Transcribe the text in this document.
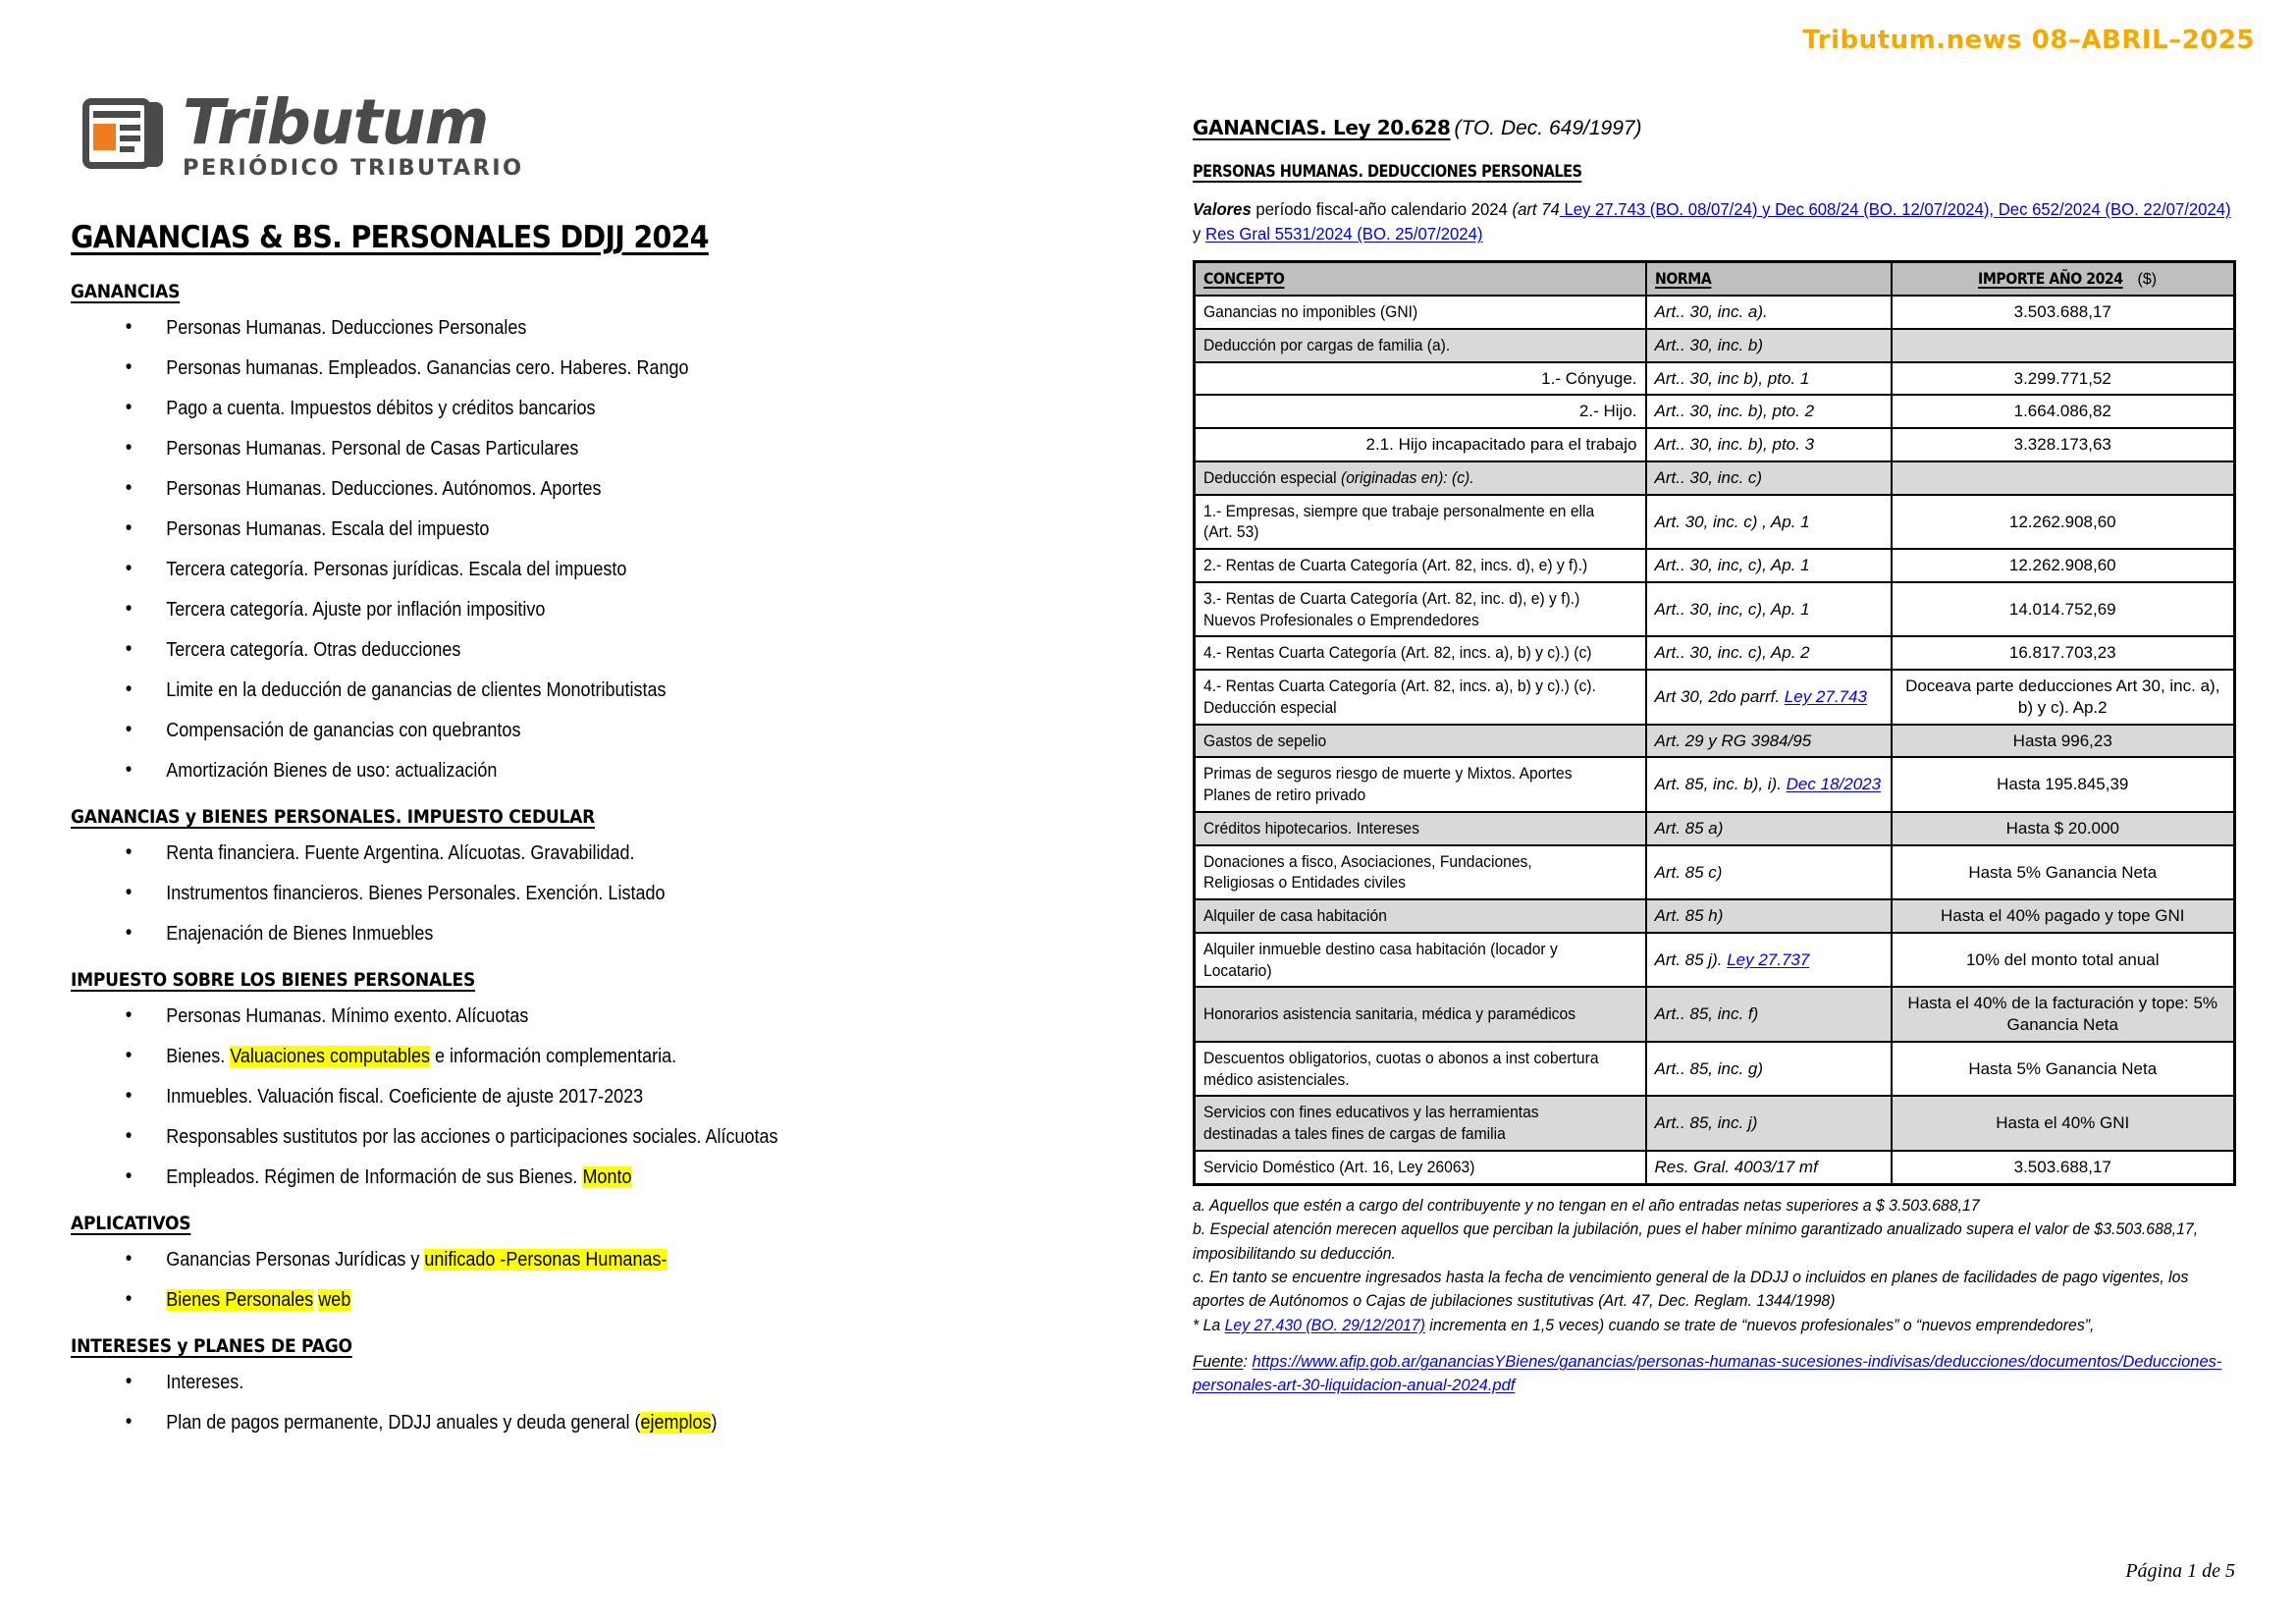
Tributum.news 08–ABRIL–2025
Tributum
PERIÓDICO TRIBUTARIO
GANANCIAS & BS. PERSONALES DDJJ 2024
GANANCIAS
• Personas Humanas. Deducciones Personales
• Personas humanas. Empleados. Ganancias cero. Haberes. Rango
• Pago a cuenta. Impuestos débitos y créditos bancarios
• Personas Humanas. Personal de Casas Particulares
• Personas Humanas. Deducciones. Autónomos. Aportes
• Personas Humanas. Escala del impuesto
• Tercera categoría. Personas jurídicas. Escala del impuesto
• Tercera categoría. Ajuste por inflación impositivo
• Tercera categoría. Otras deducciones
• Limite en la deducción de ganancias de clientes Monotributistas
• Compensación de ganancias con quebrantos
• Amortización Bienes de uso: actualización
GANANCIAS y BIENES PERSONALES. IMPUESTO CEDULAR
• Renta financiera. Fuente Argentina. Alícuotas. Gravabilidad.
• Instrumentos financieros. Bienes Personales. Exención. Listado
• Enajenación de Bienes Inmuebles
IMPUESTO SOBRE LOS BIENES PERSONALES
• Personas Humanas. Mínimo exento. Alícuotas
• Bienes. Valuaciones computables e información complementaria.
• Inmuebles. Valuación fiscal. Coeficiente de ajuste 2017-2023
• Responsables sustitutos por las acciones o participaciones sociales. Alícuotas
• Empleados. Régimen de Información de sus Bienes. Monto
APLICATIVOS
• Ganancias Personas Jurídicas y unificado -Personas Humanas-
• Bienes Personales web
INTERESES y PLANES DE PAGO
• Intereses.
• Plan de pagos permanente, DDJJ anuales y deuda general (ejemplos)
GANANCIAS. Ley 20.628 (TO. Dec. 649/1997)
PERSONAS HUMANAS. DEDUCCIONES PERSONALES
Valores período fiscal-año calendario 2024 (art 74 Ley 27.743 (BO. 08/07/24) y Dec 608/24 (BO. 12/07/2024), Dec 652/2024 (BO. 22/07/2024) y Res Gral 5531/2024 (BO. 25/07/2024)
CONCEPTO	NORMA	IMPORTE AÑO 2024 ($)

Ganancias no imponibles (GNI)	Art.. 30, inc. a).	3.503.688,17

Deducción por cargas de familia (a).	Art.. 30, inc. b)	

1.- Cónyuge.	Art.. 30, inc b), pto. 1	3.299.771,52

2.- Hijo.	Art.. 30, inc. b), pto. 2	1.664.086,82

2.1. Hijo incapacitado para el trabajo	Art.. 30, inc. b), pto. 3	3.328.173,63

Deducción especial (originadas en): (c).	Art.. 30, inc. c)	

1.- Empresas, siempre que trabaje personalmente en ella (Art. 53)	Art. 30, inc. c) , Ap. 1	12.262.908,60

2.- Rentas de Cuarta Categoría (Art. 82, incs. d), e) y f).)	Art.. 30, inc, c), Ap. 1	12.262.908,60

3.- Rentas de Cuarta Categoría (Art. 82, inc. d), e) y f).) Nuevos Profesionales o Emprendedores	Art.. 30, inc, c), Ap. 1	14.014.752,69

4.- Rentas Cuarta Categoría (Art. 82, incs. a), b) y c).) (c)	Art.. 30, inc. c), Ap. 2	16.817.703,23

4.- Rentas Cuarta Categoría (Art. 82, incs. a), b) y c).) (c). Deducción especial	Art 30, 2do parrf. Ley 27.743	Doceava parte deducciones Art 30, inc. a), b) y c). Ap.2

Gastos de sepelio	Art. 29 y RG 3984/95	Hasta 996,23

Primas de seguros riesgo de muerte y Mixtos. Aportes Planes de retiro privado	Art. 85, inc. b), i). Dec 18/2023	Hasta 195.845,39

Créditos hipotecarios. Intereses	Art. 85 a)	Hasta $ 20.000

Donaciones a fisco, Asociaciones, Fundaciones, Religiosas o Entidades civiles	Art. 85 c)	Hasta 5% Ganancia Neta

Alquiler de casa habitación	Art. 85 h)	Hasta el 40% pagado y tope GNI

Alquiler inmueble destino casa habitación (locador y Locatario)	Art. 85 j). Ley 27.737	10% del monto total anual

Honorarios asistencia sanitaria, médica y paramédicos	Art.. 85, inc. f)	Hasta el 40% de la facturación y tope: 5% Ganancia Neta

Descuentos obligatorios, cuotas o abonos a inst cobertura médico asistenciales.	Art.. 85, inc. g)	Hasta 5% Ganancia Neta

Servicios con fines educativos y las herramientas destinadas a tales fines de cargas de familia	Art.. 85, inc. j)	Hasta el 40% GNI

Servicio Doméstico (Art. 16, Ley 26063)	Res. Gral. 4003/17 mf	3.503.688,17

a. Aquellos que estén a cargo del contribuyente y no tengan en el año entradas netas superiores a $ 3.503.688,17

b. Especial atención merecen aquellos que perciban la jubilación, pues el haber mínimo garantizado anualizado supera el valor de $3.503.688,17, imposibilitando su deducción.

c. En tanto se encuentre ingresados hasta la fecha de vencimiento general de la DDJJ o incluidos en planes de facilidades de pago vigentes, los aportes de Autónomos o Cajas de jubilaciones sustitutivas (Art. 47, Dec. Reglam. 1344/1998)

* La Ley 27.430 (BO. 29/12/2017) incrementa en 1,5 veces) cuando se trate de “nuevos profesionales” o “nuevos emprendedores”,

Fuente: https://www.afip.gob.ar/gananciasYBienes/ganancias/personas-humanas-sucesiones-indivisas/deducciones/documentos/Deducciones-personales-art-30-liquidacion-anual-2024.pdf
Página 1 de 5
